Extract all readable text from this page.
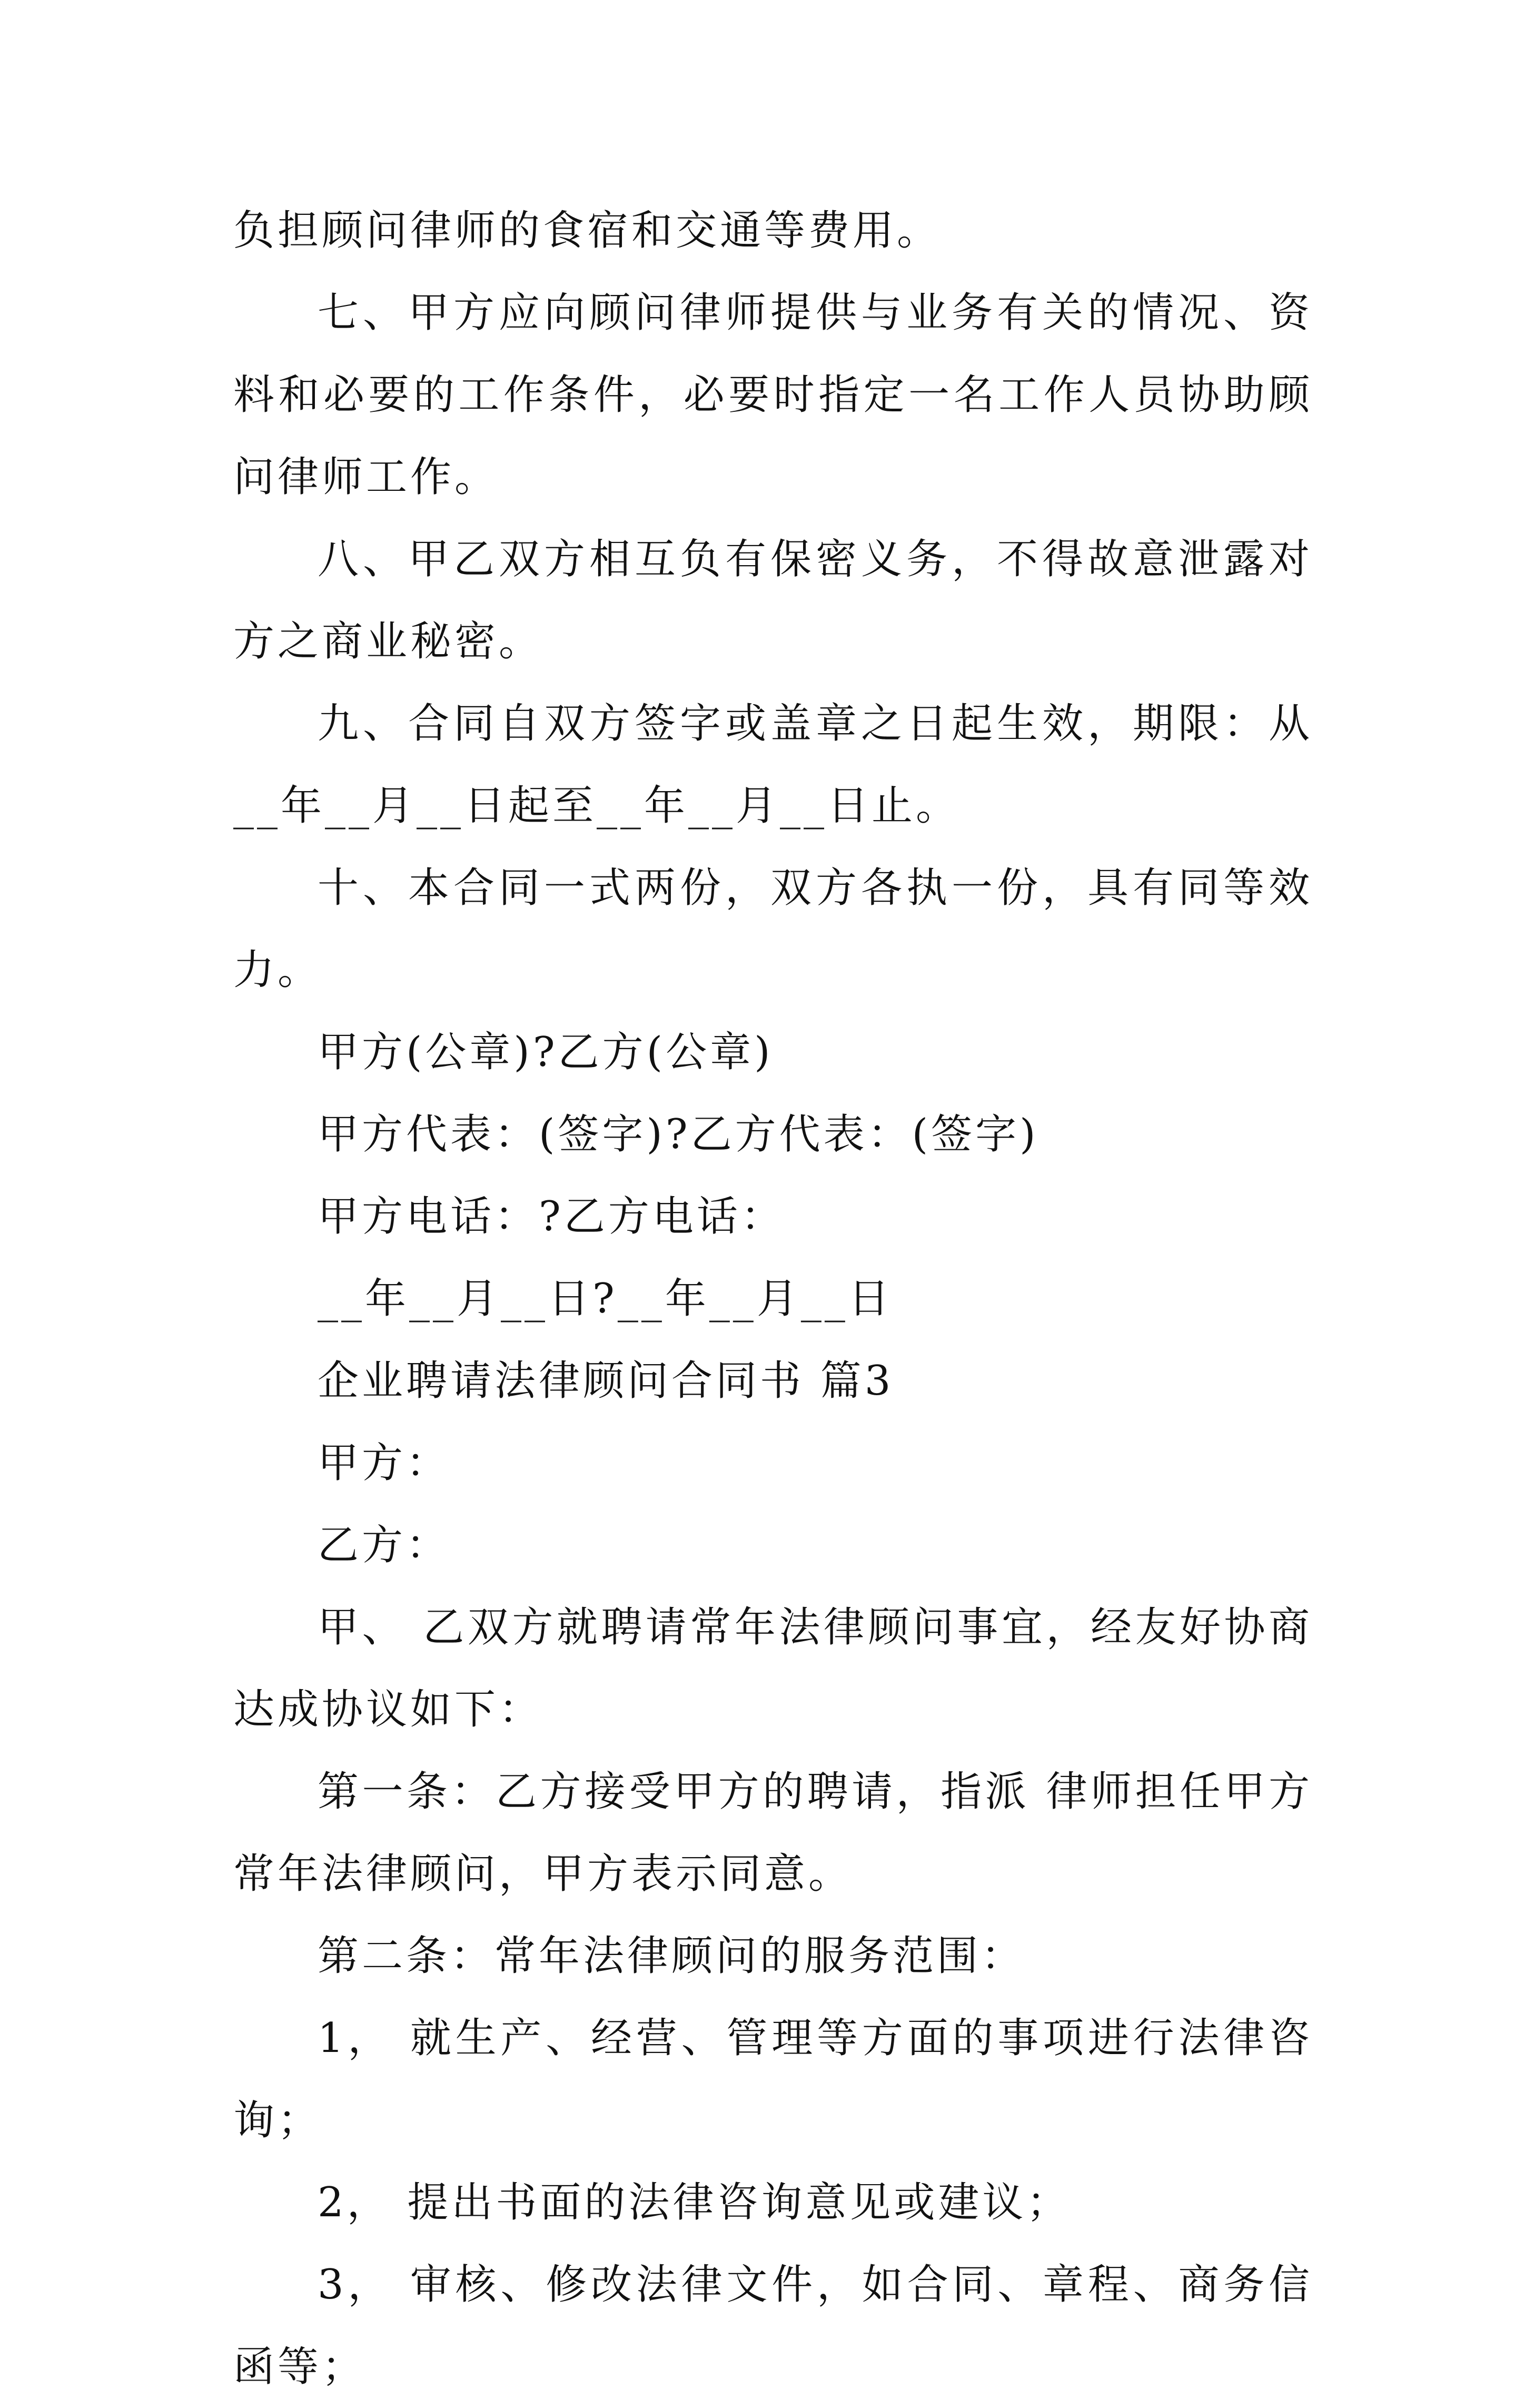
负担顾问律师的食宿和交通等费用。

七、甲方应向顾问律师提供与业务有关的情况、资料和必要的工作条件，必要时指定一名工作人员协助顾问律师工作。

八、甲乙双方相互负有保密义务，不得故意泄露对方之商业秘密。

九、合同自双方签字或盖章之日起生效，期限：从__年__月__日起至__年__月__日止。

十、本合同一式两份，双方各执一份，具有同等效力。

甲方(公章)?乙方(公章)

甲方代表：(签字)?乙方代表：(签字)

甲方电话：?乙方电话：

__年__月__日?__年__月__日

企业聘请法律顾问合同书 篇3

甲方：

乙方：

甲、 乙双方就聘请常年法律顾问事宜，经友好协商达成协议如下：

第一条：乙方接受甲方的聘请，指派 律师担任甲方常年法律顾问，甲方表示同意。

第二条：常年法律顾问的服务范围：

1， 就生产、经营、管理等方面的事项进行法律咨询；

2， 提出书面的法律咨询意见或建议；

3， 审核、修改法律文件，如合同、章程、商务信函等；
